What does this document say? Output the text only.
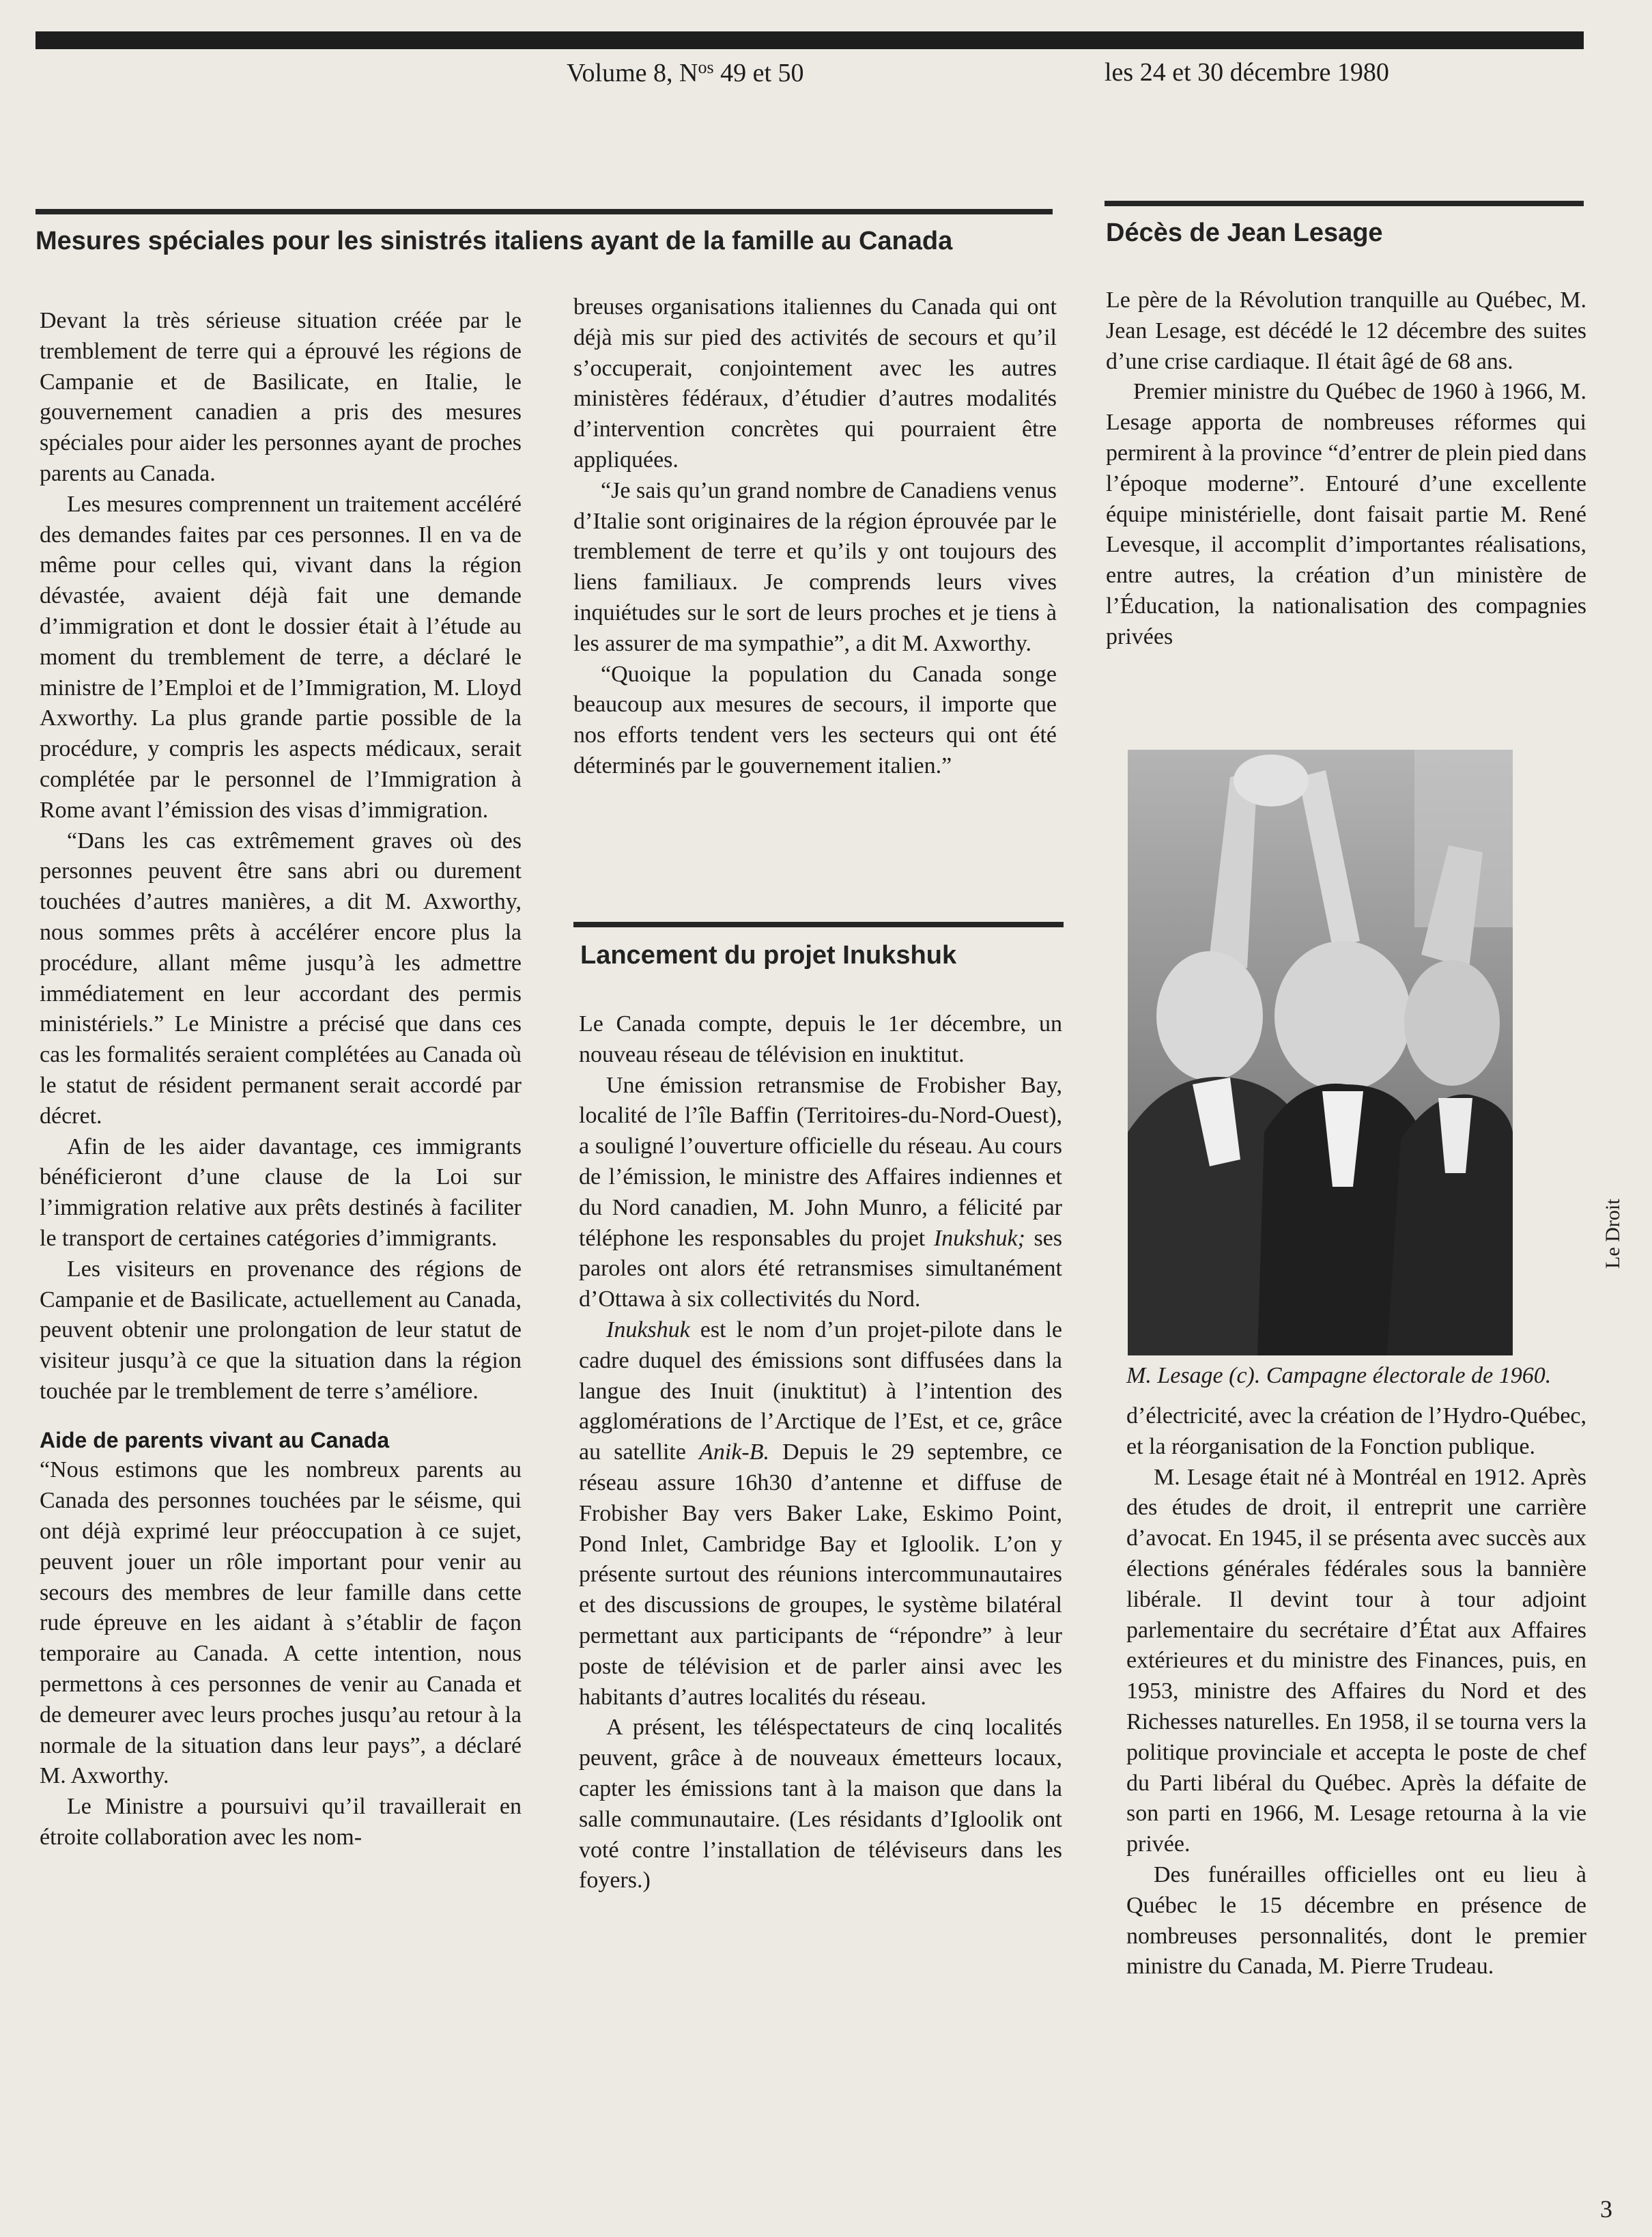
Volume 8, $N^{os}$ 49 et 50	les 24 et 30 décembre 1980
Mesures spéciales pour les sinistrés italiens ayant de la famille au Canada

Devant la très sérieuse situation créée par le tremblement de terre qui a éprouvé les régions de Campanie et de Basilicate, en Italie, le gouvernement canadien a pris des mesures spéciales pour aider les personnes ayant de proches parents au Canada.

Les mesures comprennent un traitement accéléré des demandes faites par ces personnes. Il en va de même pour celles qui, vivant dans la région dévastée, avaient déjà fait une demande d’immigration et dont le dossier était à l’étude au moment du tremblement de terre, a déclaré le ministre de l’Emploi et de l’Immigration, M. Lloyd Axworthy. La plus grande partie possible de la procédure, y compris les aspects médicaux, serait complétée par le personnel de l’Immigration à Rome avant l’émission des visas d’immigration.

“Dans les cas extrêmement graves où des personnes peuvent être sans abri ou durement touchées d’autres manières, a dit M. Axworthy, nous sommes prêts à accélérer encore plus la procédure, allant même jusqu’à les admettre immédiatement en leur accordant des permis ministériels.” Le Ministre a précisé que dans ces cas les formalités seraient complétées au Canada où le statut de résident permanent serait accordé par décret.

Afin de les aider davantage, ces immigrants bénéficieront d’une clause de la Loi sur l’immigration relative aux prêts destinés à faciliter le transport de certaines catégories d’immigrants.

Les visiteurs en provenance des régions de Campanie et de Basilicate, actuellement au Canada, peuvent obtenir une prolongation de leur statut de visiteur jusqu’à ce que la situation dans la région touchée par le tremblement de terre s’améliore.

Aide de parents vivant au Canada

“Nous estimons que les nombreux parents au Canada des personnes touchées par le séisme, qui ont déjà exprimé leur préoccupation à ce sujet, peuvent jouer un rôle important pour venir au secours des membres de leur famille dans cette rude épreuve en les aidant à s’établir de façon temporaire au Canada. A cette intention, nous permettons à ces personnes de venir au Canada et de demeurer avec leurs proches jusqu’au retour à la normale de la situation dans leur pays”, a déclaré M. Axworthy.

Le Ministre a poursuivi qu’il travaillerait en étroite collaboration avec les nom-

breuses organisations italiennes du Canada qui ont déjà mis sur pied des activités de secours et qu’il s’occuperait, conjointement avec les autres ministères fédéraux, d’étudier d’autres modalités d’intervention concrètes qui pourraient être appliquées.

“Je sais qu’un grand nombre de Canadiens venus d’Italie sont originaires de la région éprouvée par le tremblement de terre et qu’ils y ont toujours des liens familiaux. Je comprends leurs vives inquiétudes sur le sort de leurs proches et je tiens à les assurer de ma sympathie”, a dit M. Axworthy.

“Quoique la population du Canada songe beaucoup aux mesures de secours, il importe que nos efforts tendent vers les secteurs qui ont été déterminés par le gouvernement italien.”

Lancement du projet Inukshuk

Le Canada compte, depuis le 1er décembre, un nouveau réseau de télévision en inuktitut.

Une émission retransmise de Frobisher Bay, localité de l’île Baffin (Territoires-du-Nord-Ouest), a souligné l’ouverture officielle du réseau. Au cours de l’émission, le ministre des Affaires indiennes et du Nord canadien, M. John Munro, a félicité par téléphone les responsables du projet Inukshuk; ses paroles ont alors été retransmises simultanément d’Ottawa à six collectivités du Nord.

Inukshuk est le nom d’un projet-pilote dans le cadre duquel des émissions sont diffusées dans la langue des Inuit (inuktitut) à l’intention des agglomérations de l’Arctique de l’Est, et ce, grâce au satellite Anik-B. Depuis le 29 septembre, ce réseau assure 16h30 d’antenne et diffuse de Frobisher Bay vers Baker Lake, Eskimo Point, Pond Inlet, Cambridge Bay et Igloolik. L’on y présente surtout des réunions intercommunautaires et des discussions de groupes, le système bilatéral permettant aux participants de “répondre” à leur poste de télévision et de parler ainsi avec les habitants d’autres localités du réseau.

A présent, les téléspectateurs de cinq localités peuvent, grâce à de nouveaux émetteurs locaux, capter les émissions tant à la maison que dans la salle communautaire. (Les résidants d’Igloolik ont voté contre l’installation de téléviseurs dans les foyers.)

Décès de Jean Lesage

Le père de la Révolution tranquille au Québec, M. Jean Lesage, est décédé le 12 décembre des suites d’une crise cardiaque. Il était âgé de 68 ans.

Premier ministre du Québec de 1960 à 1966, M. Lesage apporta de nombreuses réformes qui permirent à la province “d’entrer de plein pied dans l’époque moderne”. Entouré d’une excellente équipe ministérielle, dont faisait partie M. René Levesque, il accomplit d’importantes réalisations, entre autres, la création d’un ministère de l’Éducation, la nationalisation des compagnies privées

Le Droit
M. Lesage (c). Campagne électorale de 1960.

d’électricité, avec la création de l’Hydro-Québec, et la réorganisation de la Fonction publique.

M. Lesage était né à Montréal en 1912. Après des études de droit, il entreprit une carrière d’avocat. En 1945, il se présenta avec succès aux élections générales fédérales sous la bannière libérale. Il devint tour à tour adjoint parlementaire du secrétaire d’État aux Affaires extérieures et du ministre des Finances, puis, en 1953, ministre des Affaires du Nord et des Richesses naturelles. En 1958, il se tourna vers la politique provinciale et accepta le poste de chef du Parti libéral du Québec. Après la défaite de son parti en 1966, M. Lesage retourna à la vie privée.

Des funérailles officielles ont eu lieu à Québec le 15 décembre en présence de nombreuses personnalités, dont le premier ministre du Canada, M. Pierre Trudeau.

3
